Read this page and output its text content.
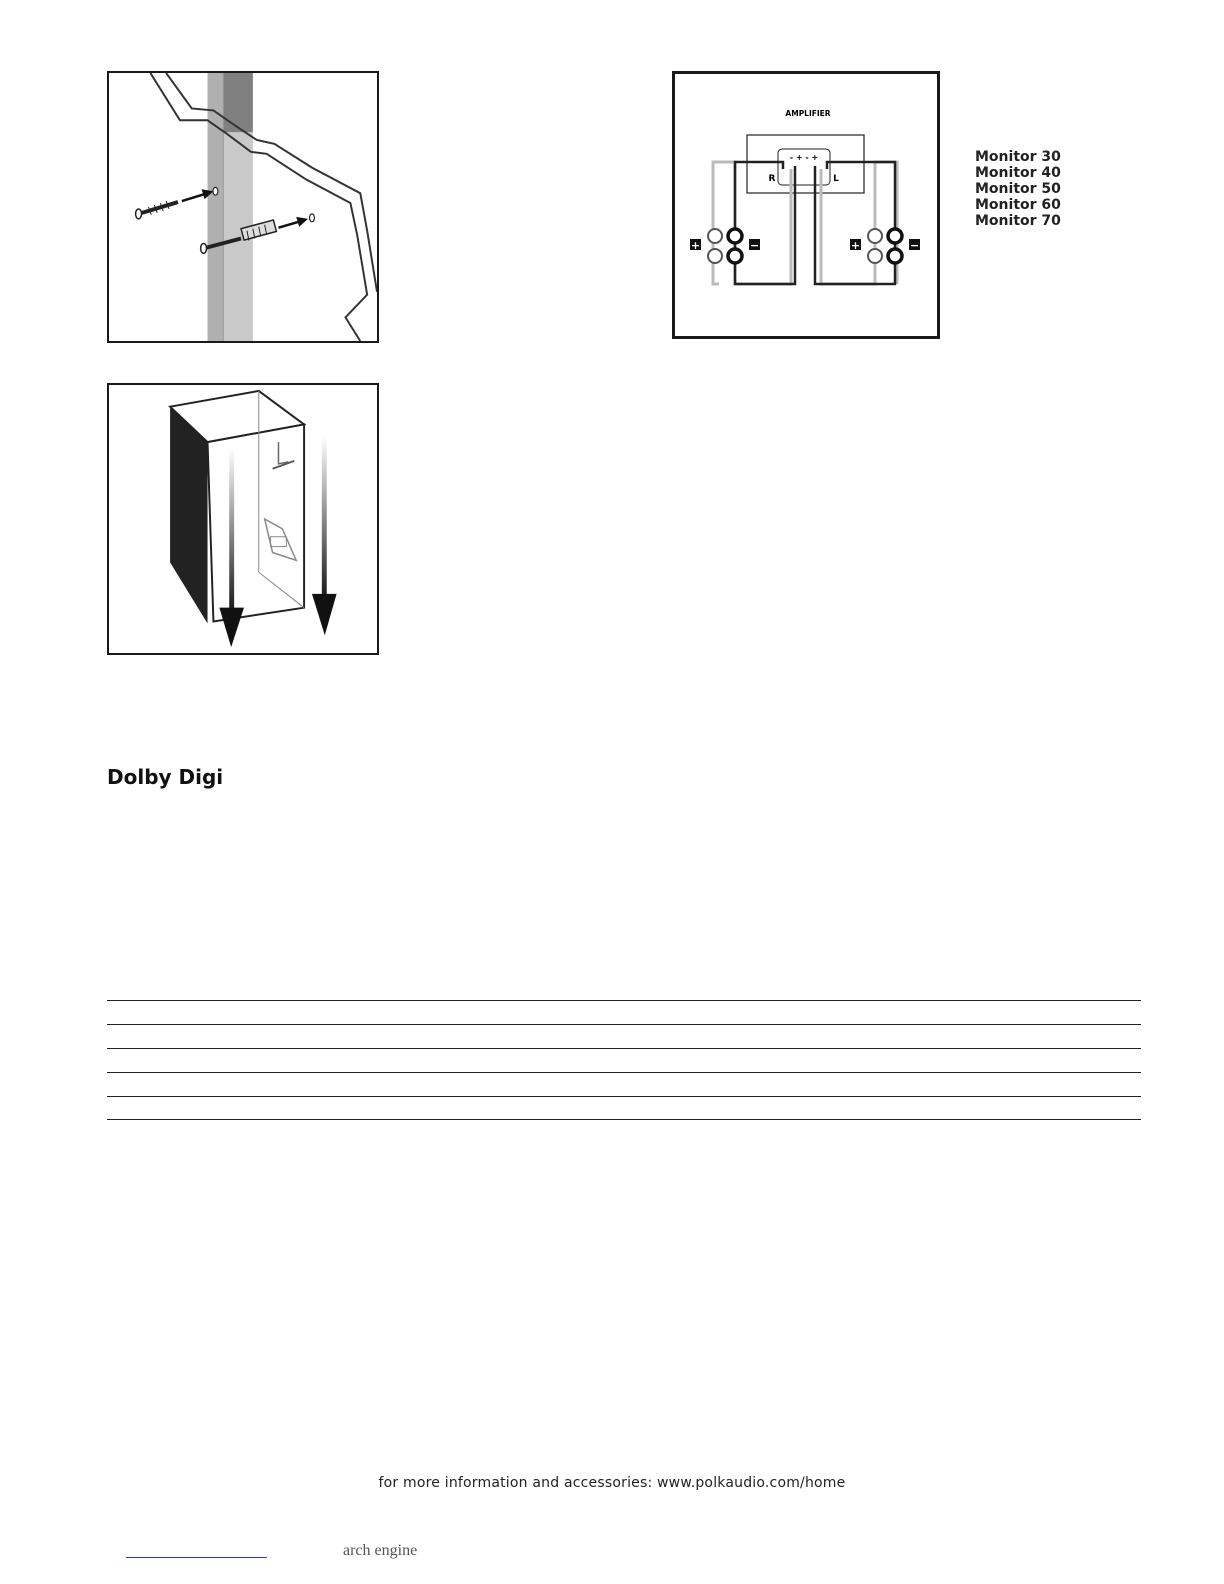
AMPLIFIER
- + - +
R	L
+	−	+	−
Monitor 30
Monitor 40
Monitor 50
Monitor 60
Monitor 70
Dolby Digi
for more information and accessories: www.polkaudio.com/home
arch engine
